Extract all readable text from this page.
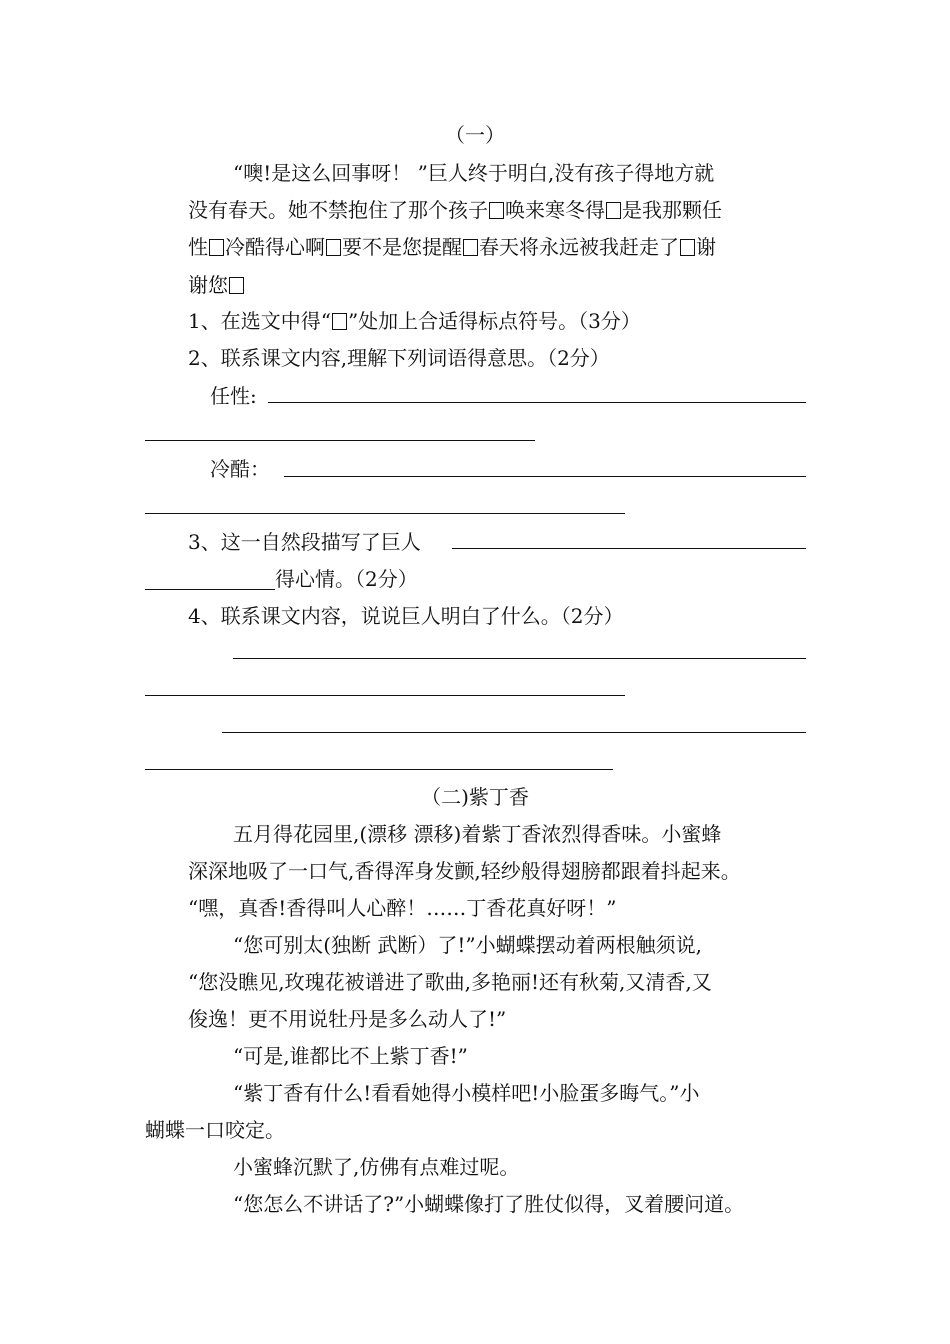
（一）
“噢!是这么回事呀！ ”巨人终于明白,没有孩子得地方就
没有春天。她不禁抱住了那个孩子 唤来寒冬得 是我那颗任
性 冷酷得心啊 要不是您提醒 春天将永远被我赶走了 谢
谢您
1、在选文中得“ ”处加上合适得标点符号。（3分）
2、联系课文内容,理解下列词语得意思。（2分）
任性:
冷酷：
3、这一自然段描写了巨人
得心情。（2分）
4、联系课文内容，说说巨人明白了什么。（2分）
（二)紫丁香
五月得花园里,(漂移 漂移)着紫丁香浓烈得香味。小蜜蜂
深深地吸了一口气,香得浑身发颤,轻纱般得翅膀都跟着抖起来。
“嘿，真香!香得叫人心醉！……丁香花真好呀！”
“您可别太(独断 武断）了!”小蝴蝶摆动着两根触须说,
“您没瞧见,玫瑰花被谱进了歌曲,多艳丽!还有秋菊,又清香,又
俊逸！更不用说牡丹是多么动人了!”
“可是,谁都比不上紫丁香!”
“紫丁香有什么!看看她得小模样吧!小脸蛋多晦气。”小
蝴蝶一口咬定。
小蜜蜂沉默了,仿佛有点难过呢。
“您怎么不讲话了?”小蝴蝶像打了胜仗似得，叉着腰问道。
